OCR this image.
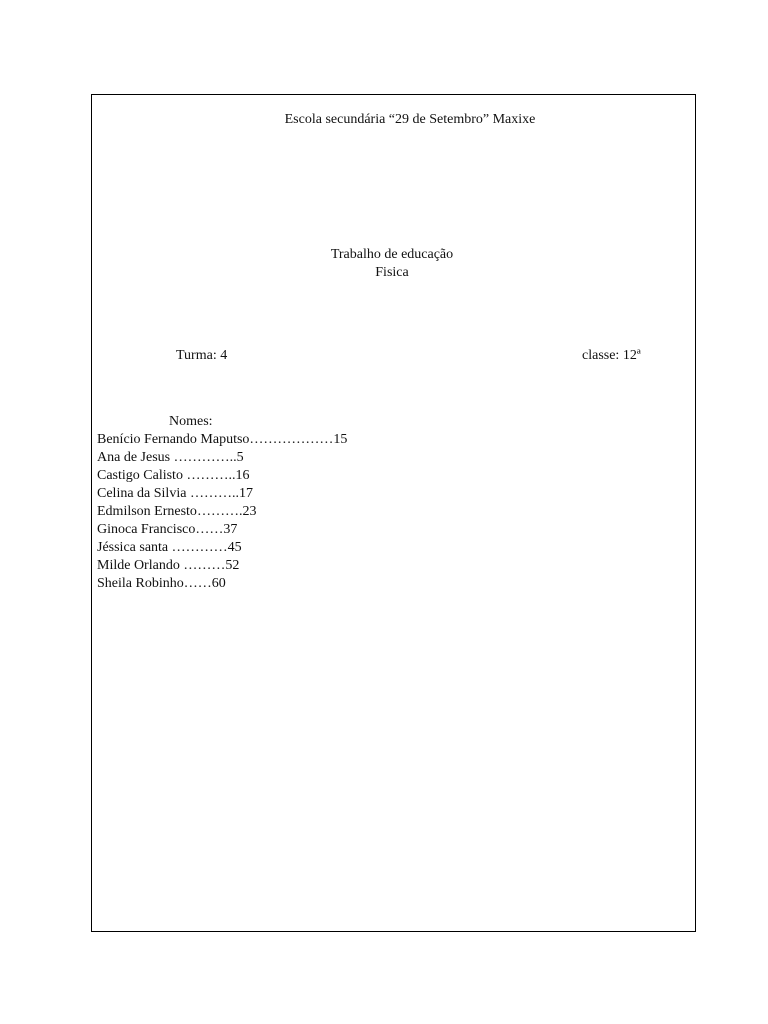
Escola secundária “29 de Setembro” Maxixe
Trabalho de educação
Fisica
Turma: 4	classe: 12ª
Nomes:
Benício Fernando Maputso………………15
Ana de Jesus …………..5
Castigo Calisto ………..16
Celina da Silvia ………..17
Edmilson Ernesto……….23
Ginoca Francisco……37
Jéssica santa …………45
Milde Orlando ………52
Sheila Robinho……60
